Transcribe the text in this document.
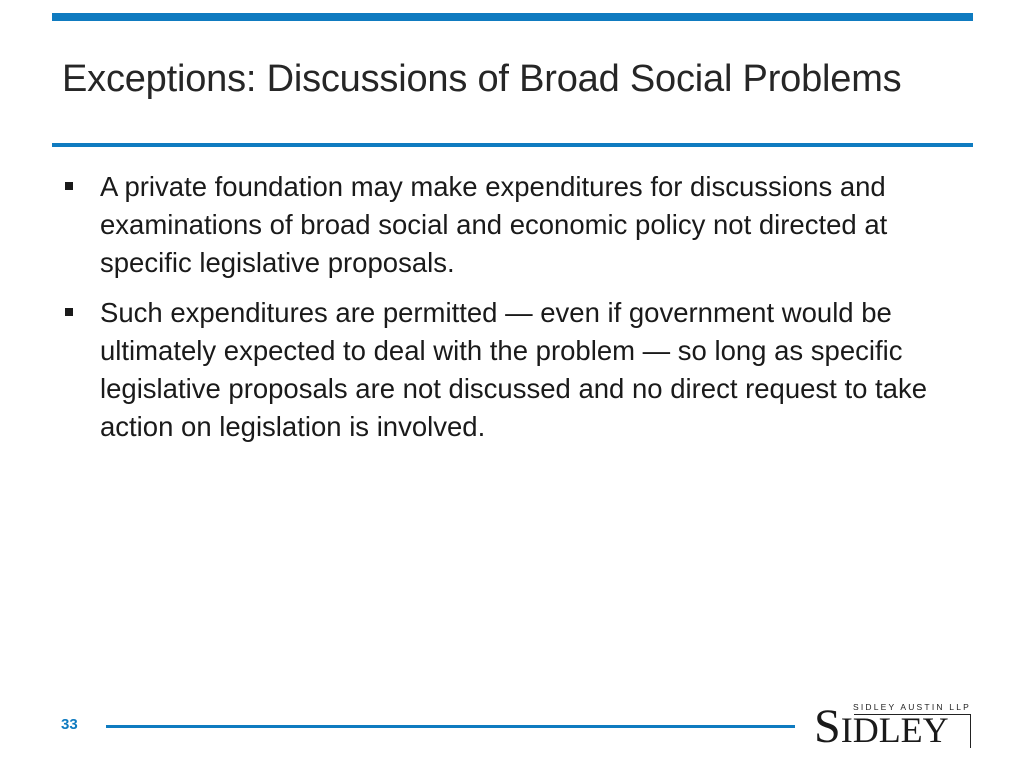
Exceptions: Discussions of Broad Social Problems
A private foundation may make expenditures for discussions and examinations of broad social and economic policy not directed at specific legislative proposals.
Such expenditures are permitted — even if government would be ultimately expected to deal with the problem — so long as specific legislative proposals are not discussed and no direct request to take action on legislation is involved.
33
SIDLEY AUSTIN LLP
SIDLEY
